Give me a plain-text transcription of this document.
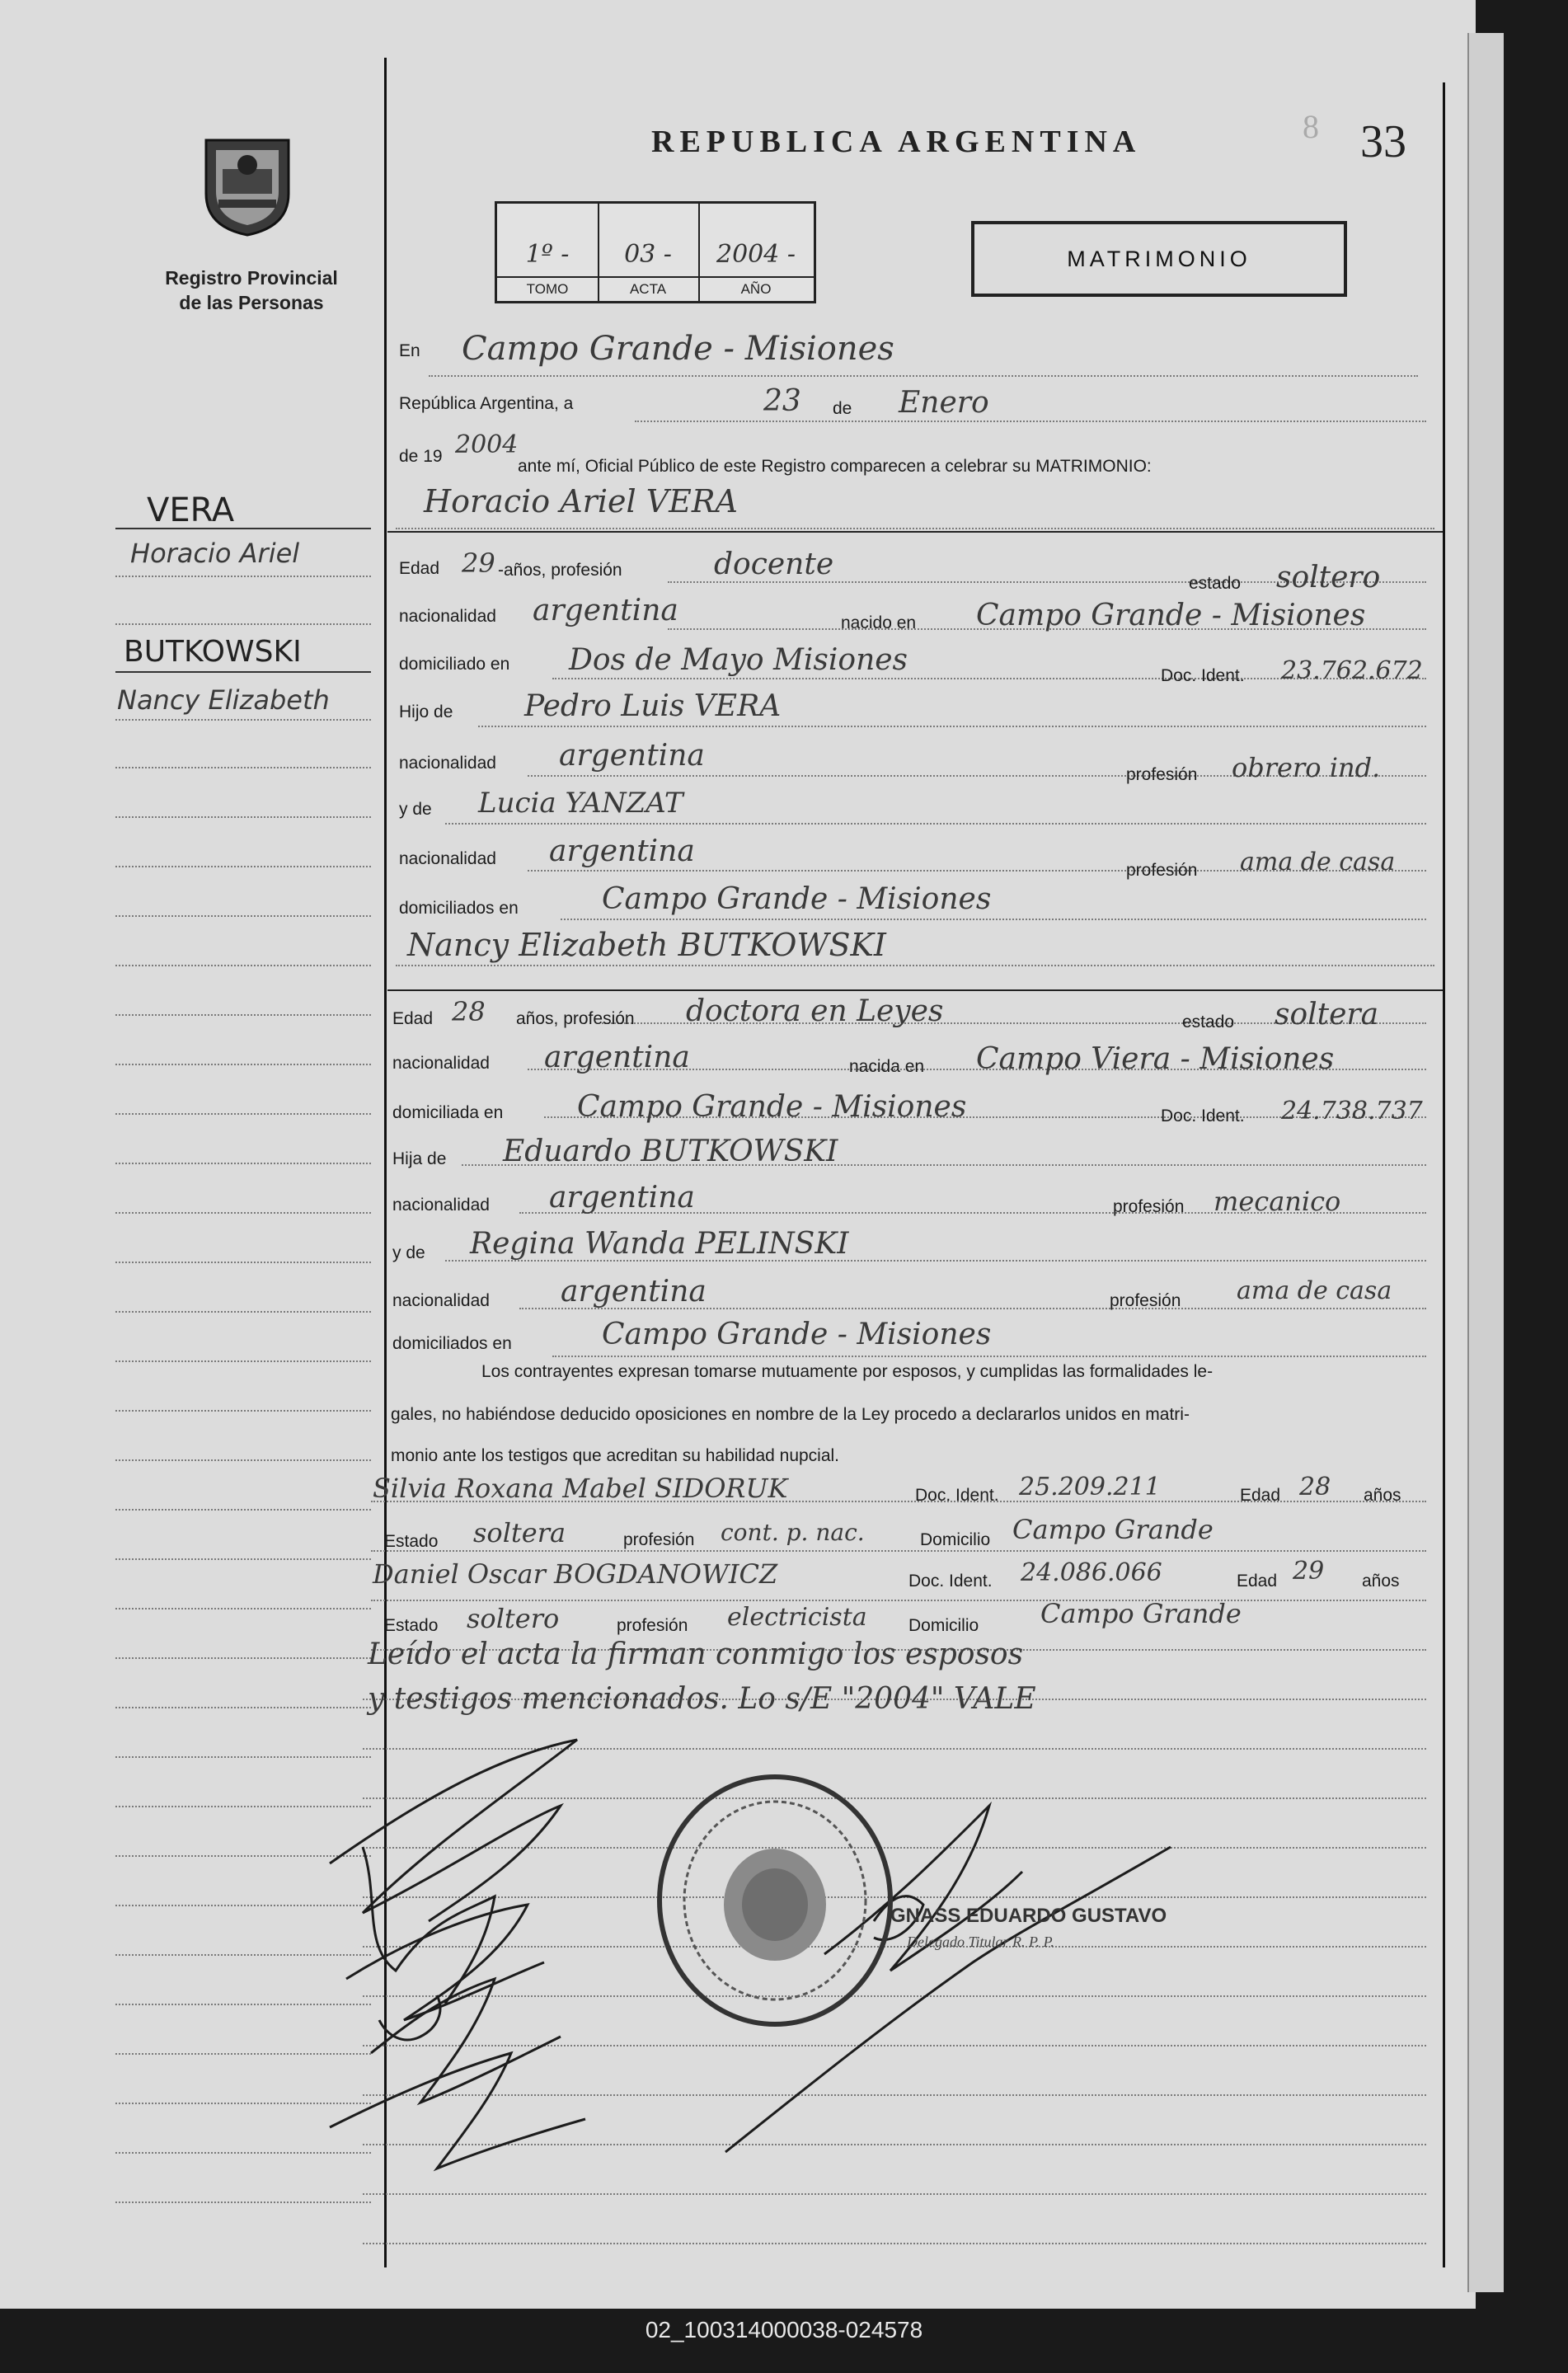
REPUBLICA ARGENTINA	8 33
Registro Provincial
de las Personas
1º -
TOMO
03 -
ACTA
2004 -
AÑO
MATRIMONIO
VERA
Horacio Ariel
BUTKOWSKI
Nancy Elizabeth
En Campo Grande - Misiones
República Argentina, a	23 de Enero
de 19 2004
ante mí, Oficial Público de este Registro comparecen a celebrar su MATRIMONIO:
Horacio Ariel VERA
Edad 29 -años, profesión	docente
estado soltero
nacionalidad argentina	nacido en Campo Grande - Misiones
domiciliado en Dos de Mayo Misiones	Doc. Ident. 23.762.672
Hijo de Pedro Luis VERA
nacionalidad argentina
profesión obrero ind.
y de Lucia YANZAT
nacionalidad argentina
profesión ama de casa
domiciliados en	Campo Grande - Misiones
Nancy Elizabeth BUTKOWSKI
Edad 28 años, profesión doctora en Leyes	estado soltera
nacionalidad argentina	nacida en Campo Viera - Misiones
domiciliada en Campo Grande - Misiones	Doc. Ident. 24.738.737
Hija de Eduardo BUTKOWSKI
nacionalidad argentina	profesión mecanico
y de Regina Wanda PELINSKI
nacionalidad argentina	profesión ama de casa
domiciliados en	Campo Grande - Misiones
Los contrayentes expresan tomarse mutuamente por esposos, y cumplidas las formalidades le-
gales, no habiéndose deducido oposiciones en nombre de la Ley procedo a declararlos unidos en matri-
monio ante los testigos que acreditan su habilidad nupcial.
Silvia Roxana Mabel SIDORUK	Doc. Ident. 25.209.211	Edad 28 años
Estado soltera	profesión cont. p. nac.	Domicilio Campo Grande
Daniel Oscar BOGDANOWICZ	Doc. Ident. 24.086.066	Edad 29 años
Estado soltero	profesión electricista Domicilio Campo Grande
Leído el acta la firman conmigo los esposos
y testigos mencionados. Lo s/E "2004" VALE
GNASS EDUARDO GUSTAVO
Delegado Titular R. P. P.
02_100314000038-024578
